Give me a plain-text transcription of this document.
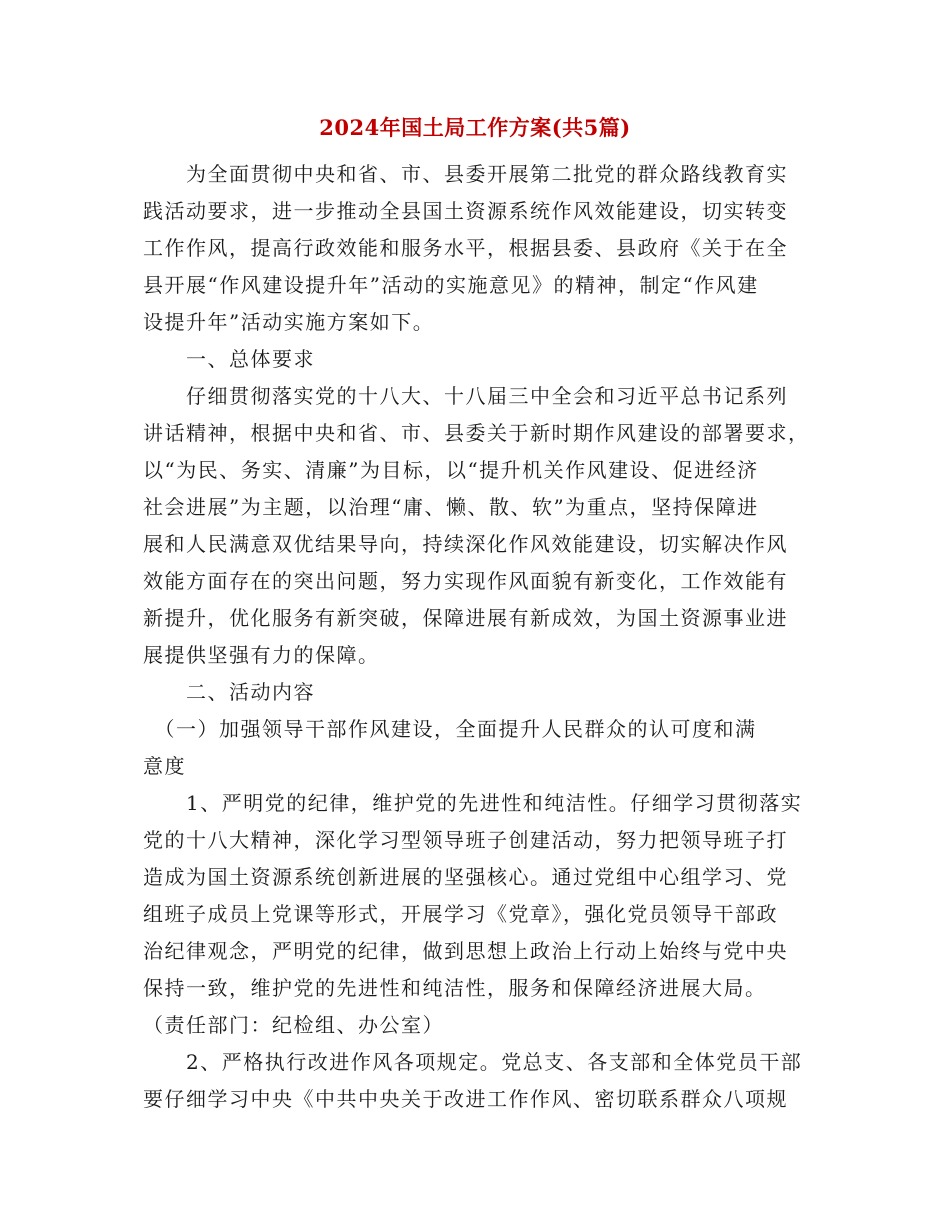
2024年国土局工作方案(共5篇)
　　为全面贯彻中央和省、市、县委开展第二批党的群众路线教育实
践活动要求，进一步推动全县国土资源系统作风效能建设，切实转变
工作作风，提高行政效能和服务水平，根据县委、县政府《关于在全
县开展“作风建设提升年”活动的实施意见》的精神，制定“作风建
设提升年”活动实施方案如下。
　　一、总体要求
　　仔细贯彻落实党的十八大、十八届三中全会和习近平总书记系列
讲话精神，根据中央和省、市、县委关于新时期作风建设的部署要求，
以“为民、务实、清廉”为目标，以“提升机关作风建设、促进经济
社会进展”为主题，以治理“庸、懒、散、软”为重点，坚持保障进
展和人民满意双优结果导向，持续深化作风效能建设，切实解决作风
效能方面存在的突出问题，努力实现作风面貌有新变化，工作效能有
新提升，优化服务有新突破，保障进展有新成效，为国土资源事业进
展提供坚强有力的保障。
　　二、活动内容
　（一）加强领导干部作风建设，全面提升人民群众的认可度和满
意度
　　1、严明党的纪律，维护党的先进性和纯洁性。仔细学习贯彻落实
党的十八大精神，深化学习型领导班子创建活动，努力把领导班子打
造成为国土资源系统创新进展的坚强核心。通过党组中心组学习、党
组班子成员上党课等形式，开展学习《党章》，强化党员领导干部政
治纪律观念，严明党的纪律，做到思想上政治上行动上始终与党中央
保持一致，维护党的先进性和纯洁性，服务和保障经济进展大局。
（责任部门：纪检组、办公室）
　　2、严格执行改进作风各项规定。党总支、各支部和全体党员干部
要仔细学习中央《中共中央关于改进工作作风、密切联系群众八项规
